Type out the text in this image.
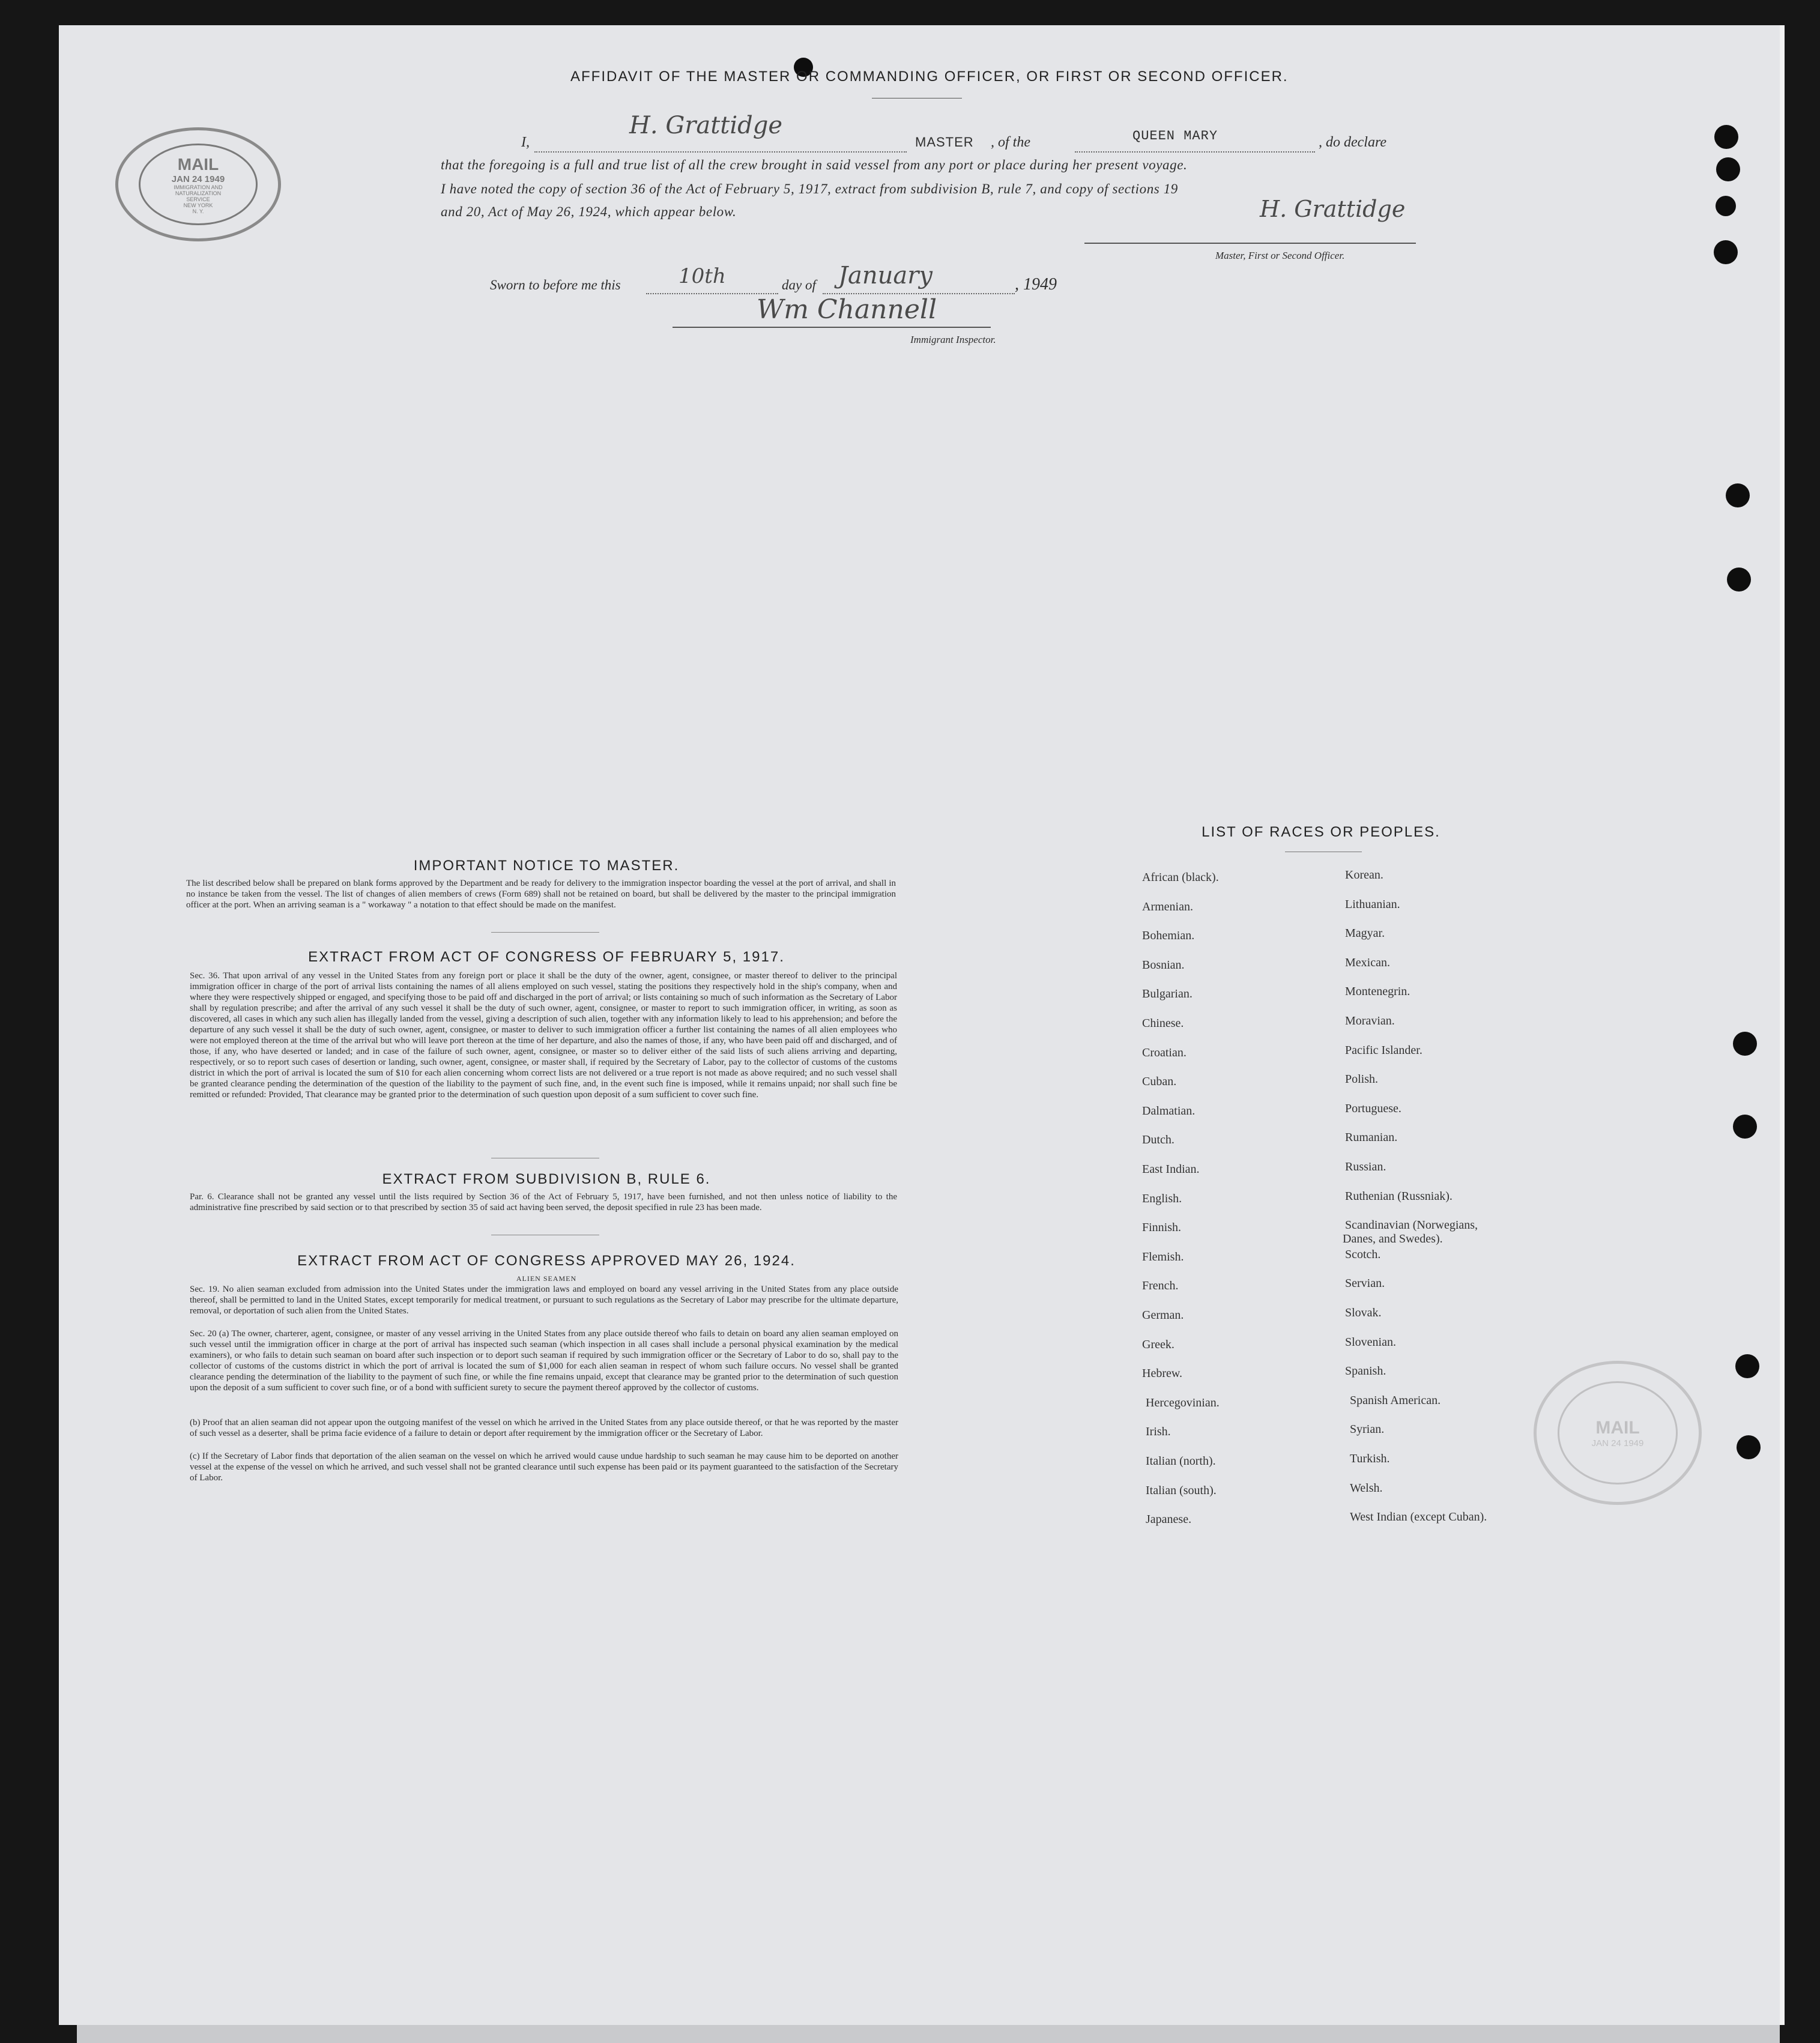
AFFIDAVIT OF THE MASTER OR COMMANDING OFFICER, OR FIRST OR SECOND OFFICER.
I,
H. Grattidge
MASTER , of the	QUEEN MARY	, do declare
that the foregoing is a full and true list of all the crew brought in said vessel from any port or place during her present voyage.
I have noted the copy of section 36 of the Act of February 5, 1917, extract from subdivision B, rule 7, and copy of sections 19
and 20, Act of May 26, 1924, which appear below.	H. Grattidge
Master, First or Second Officer.
Sworn to before me this	10th	day of January	, 1949
Wm Channell
Immigrant Inspector.
MAIL
JAN 24 1949
IMMIGRATION AND
NATURALIZATION
SERVICE
NEW YORK
N. Y.
MAIL
JAN 24 1949
IMPORTANT NOTICE TO MASTER.
The list described below shall be prepared on blank forms approved by the Department and be ready for delivery to the immigration inspector boarding the vessel at the port of arrival, and shall in no instance be taken from the vessel. The list of changes of alien members of crews (Form 689) shall not be retained on board, but shall be delivered by the master to the principal immigration officer at the port. When an arriving seaman is a " workaway " a notation to that effect should be made on the manifest.
EXTRACT FROM ACT OF CONGRESS OF FEBRUARY 5, 1917.
Sec. 36. That upon arrival of any vessel in the United States from any foreign port or place it shall be the duty of the owner, agent, consignee, or master thereof to deliver to the principal immigration officer in charge of the port of arrival lists containing the names of all aliens employed on such vessel, stating the positions they respectively hold in the ship's company, when and where they were respectively shipped or engaged, and specifying those to be paid off and discharged in the port of arrival; or lists containing so much of such information as the Secretary of Labor shall by regulation prescribe; and after the arrival of any such vessel it shall be the duty of such owner, agent, consignee, or master to report to such immigration officer, in writing, as soon as discovered, all cases in which any such alien has illegally landed from the vessel, giving a description of such alien, together with any information likely to lead to his apprehension; and before the departure of any such vessel it shall be the duty of such owner, agent, consignee, or master to deliver to such immigration officer a further list containing the names of all alien employees who were not employed thereon at the time of the arrival but who will leave port thereon at the time of her departure, and also the names of those, if any, who have been paid off and discharged, and of those, if any, who have deserted or landed; and in case of the failure of such owner, agent, consignee, or master so to deliver either of the said lists of such aliens arriving and departing, respectively, or so to report such cases of desertion or landing, such owner, agent, consignee, or master shall, if required by the Secretary of Labor, pay to the collector of customs of the customs district in which the port of arrival is located the sum of $10 for each alien concerning whom correct lists are not delivered or a true report is not made as above required; and no such vessel shall be granted clearance pending the determination of the question of the liability to the payment of such fine, and, in the event such fine is imposed, while it remains unpaid; nor shall such fine be remitted or refunded: Provided, That clearance may be granted prior to the determination of such question upon deposit of a sum sufficient to cover such fine.
EXTRACT FROM SUBDIVISION B, RULE 6.
Par. 6. Clearance shall not be granted any vessel until the lists required by Section 36 of the Act of February 5, 1917, have been furnished, and not then unless notice of liability to the administrative fine prescribed by said section or to that prescribed by section 35 of said act having been served, the deposit specified in rule 23 has been made.
EXTRACT FROM ACT OF CONGRESS APPROVED MAY 26, 1924.
ALIEN SEAMEN
Sec. 19. No alien seaman excluded from admission into the United States under the immigration laws and employed on board any vessel arriving in the United States from any place outside thereof, shall be permitted to land in the United States, except temporarily for medical treatment, or pursuant to such regulations as the Secretary of Labor may prescribe for the ultimate departure, removal, or deportation of such alien from the United States.
Sec. 20 (a) The owner, charterer, agent, consignee, or master of any vessel arriving in the United States from any place outside thereof who fails to detain on board any alien seaman employed on such vessel until the immigration officer in charge at the port of arrival has inspected such seaman (which inspection in all cases shall include a personal physical examination by the medical examiners), or who fails to detain such seaman on board after such inspection or to deport such seaman if required by such immigration officer or the Secretary of Labor to do so, shall pay to the collector of customs of the customs district in which the port of arrival is located the sum of $1,000 for each alien seaman in respect of whom such failure occurs. No vessel shall be granted clearance pending the determination of the liability to the payment of such fine, or while the fine remains unpaid, except that clearance may be granted prior to the determination of such question upon the deposit of a sum sufficient to cover such fine, or of a bond with sufficient surety to secure the payment thereof approved by the collector of customs.
(b) Proof that an alien seaman did not appear upon the outgoing manifest of the vessel on which he arrived in the United States from any place outside thereof, or that he was reported by the master of such vessel as a deserter, shall be prima facie evidence of a failure to detain or deport after requirement by the immigration officer or the Secretary of Labor.
(c) If the Secretary of Labor finds that deportation of the alien seaman on the vessel on which he arrived would cause undue hardship to such seaman he may cause him to be deported on another vessel at the expense of the vessel on which he arrived, and such vessel shall not be granted clearance until such expense has been paid or its payment guaranteed to the satisfaction of the Secretary of Labor.
LIST OF RACES OR PEOPLES.
African (black).
Armenian.
Bohemian.
Bosnian.
Bulgarian.
Chinese.
Croatian.
Cuban.
Dalmatian.
Dutch.
East Indian.
English.
Finnish.
Flemish.
French.
German.
Greek.
Hebrew.
Hercegovinian.
Irish.
Italian (north).
Italian (south).
Japanese.
Korean.
Lithuanian.
Magyar.
Mexican.
Montenegrin.
Moravian.
Pacific Islander.
Polish.
Portuguese.
Rumanian.
Russian.
Ruthenian (Russniak).
Scandinavian (Norwegians,
Scotch.
Servian.
Slovak.
Slovenian.
Spanish.
Spanish American.
Syrian.
Turkish.
Welsh.
West Indian (except Cuban).
Danes, and Swedes).
